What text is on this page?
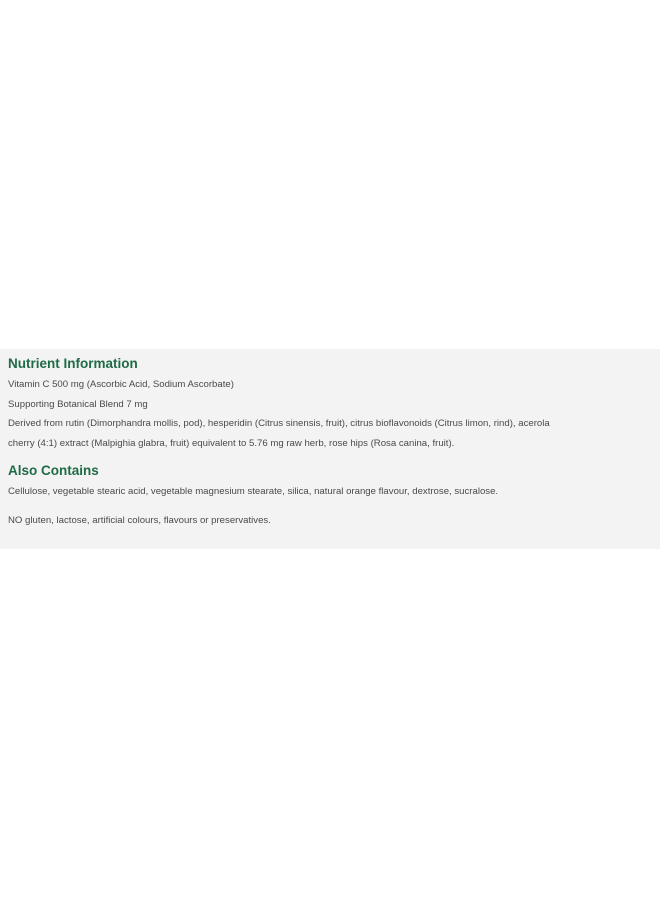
Nutrient Information

Vitamin C 500 mg (Ascorbic Acid, Sodium Ascorbate)

Supporting Botanical Blend 7 mg

Derived from rutin (Dimorphandra mollis, pod), hesperidin (Citrus sinensis, fruit), citrus bioflavonoids (Citrus limon, rind), acerola

cherry (4:1) extract (Malpighia glabra, fruit) equivalent to 5.76 mg raw herb, rose hips (Rosa canina, fruit).

Also Contains

Cellulose, vegetable stearic acid, vegetable magnesium stearate, silica, natural orange flavour, dextrose, sucralose.

NO gluten, lactose, artificial colours, flavours or preservatives.
